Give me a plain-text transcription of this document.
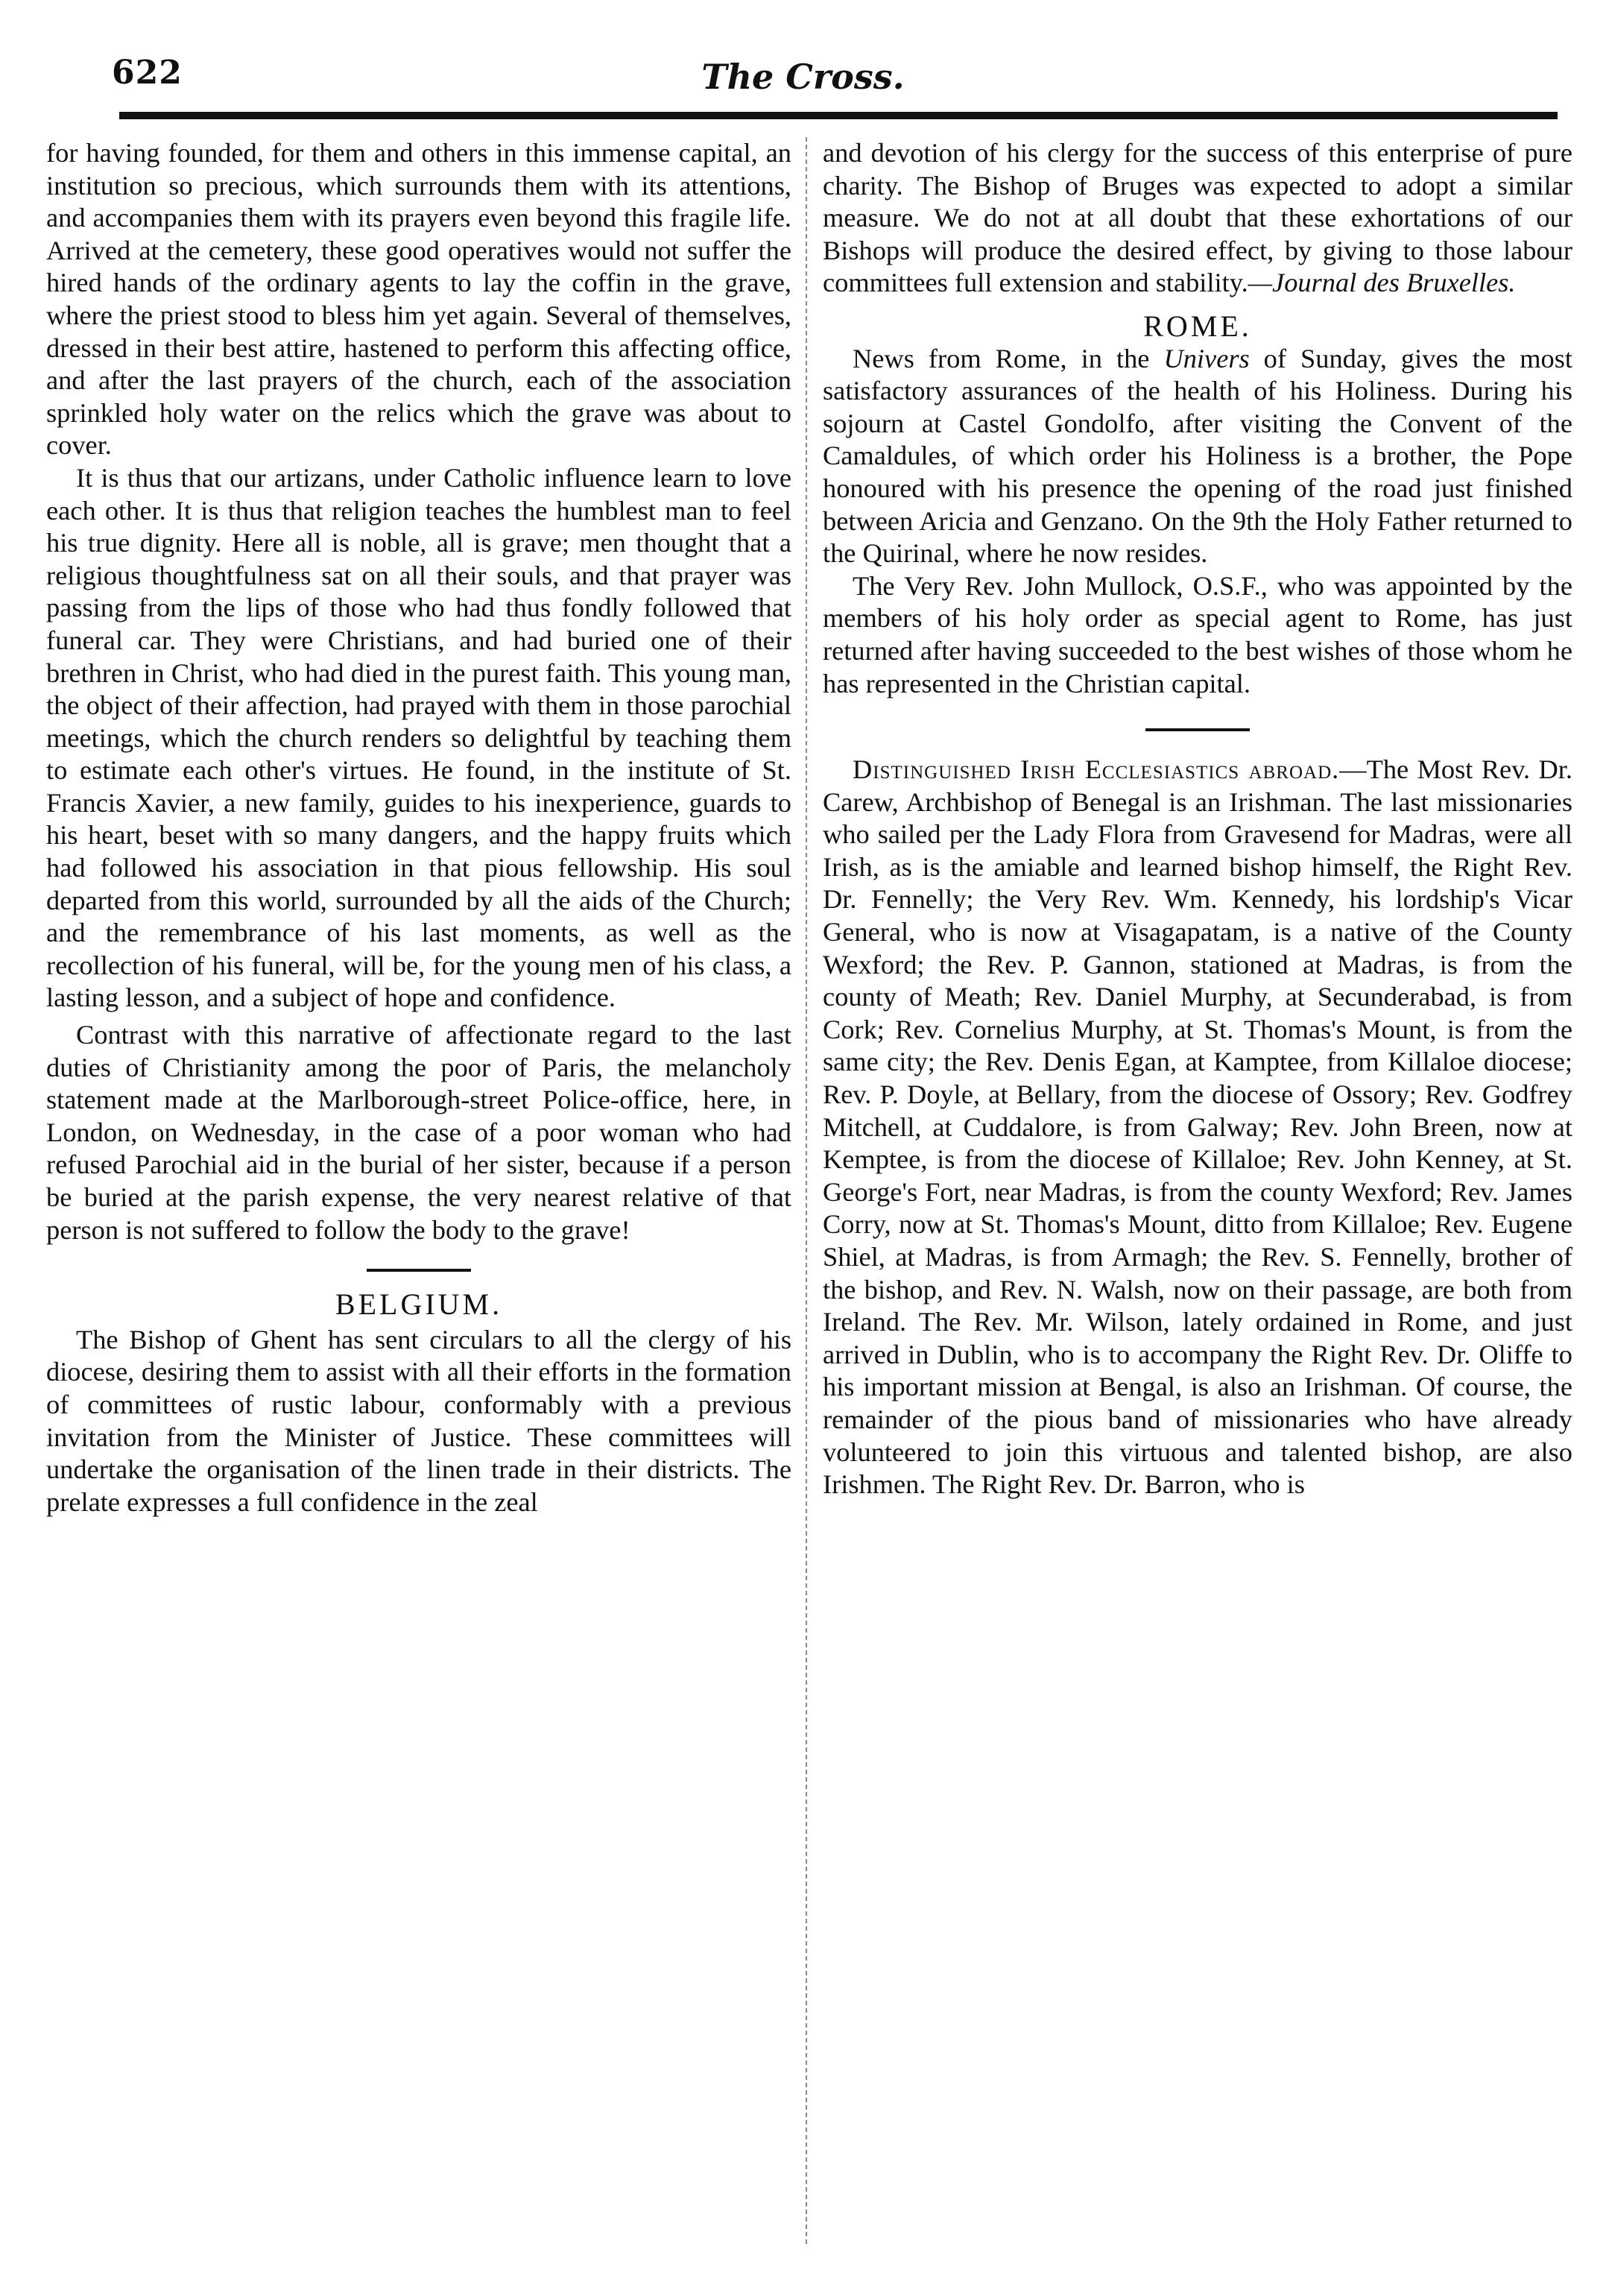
622	The Cross.

for having founded, for them and others in this immense capital, an institution so precious, which surrounds them with its attentions, and accompanies them with its prayers even beyond this fragile life. Arrived at the cemetery, these good operatives would not suffer the hired hands of the ordinary agents to lay the coffin in the grave, where the priest stood to bless him yet again. Several of themselves, dressed in their best attire, hastened to perform this affecting office, and after the last prayers of the church, each of the association sprinkled holy water on the relics which the grave was about to cover.

It is thus that our artizans, under Catholic influence learn to love each other. It is thus that religion teaches the humblest man to feel his true dignity. Here all is noble, all is grave; men thought that a religious thoughtfulness sat on all their souls, and that prayer was passing from the lips of those who had thus fondly followed that funeral car. They were Christians, and had buried one of their brethren in Christ, who had died in the purest faith. This young man, the object of their affection, had prayed with them in those parochial meetings, which the church renders so delightful by teaching them to estimate each other's virtues. He found, in the institute of St. Francis Xavier, a new family, guides to his inexperience, guards to his heart, beset with so many dangers, and the happy fruits which had followed his association in that pious fellowship. His soul departed from this world, surrounded by all the aids of the Church; and the remembrance of his last moments, as well as the recollection of his funeral, will be, for the young men of his class, a lasting lesson, and a subject of hope and confidence.

Contrast with this narrative of affectionate regard to the last duties of Christianity among the poor of Paris, the melancholy statement made at the Marlborough-street Police-office, here, in London, on Wednesday, in the case of a poor woman who had refused Parochial aid in the burial of her sister, because if a person be buried at the parish expense, the very nearest relative of that person is not suffered to follow the body to the grave!

BELGIUM.

The Bishop of Ghent has sent circulars to all the clergy of his diocese, desiring them to assist with all their efforts in the formation of committees of rustic labour, conformably with a previous invitation from the Minister of Justice. These committees will undertake the organisation of the linen trade in their districts. The prelate expresses a full confidence in the zeal

and devotion of his clergy for the success of this enterprise of pure charity. The Bishop of Bruges was expected to adopt a similar measure. We do not at all doubt that these exhortations of our Bishops will produce the desired effect, by giving to those labour committees full extension and stability.—Journal des Bruxelles.

ROME.

News from Rome, in the Univers of Sunday, gives the most satisfactory assurances of the health of his Holiness. During his sojourn at Castel Gondolfo, after visiting the Convent of the Camaldules, of which order his Holiness is a brother, the Pope honoured with his presence the opening of the road just finished between Aricia and Genzano. On the 9th the Holy Father returned to the Quirinal, where he now resides.

The Very Rev. John Mullock, O.S.F., who was appointed by the members of his holy order as special agent to Rome, has just returned after having succeeded to the best wishes of those whom he has represented in the Christian capital.

Distinguished Irish Ecclesiastics abroad.—The Most Rev. Dr. Carew, Archbishop of Benegal is an Irishman. The last missionaries who sailed per the Lady Flora from Gravesend for Madras, were all Irish, as is the amiable and learned bishop himself, the Right Rev. Dr. Fennelly; the Very Rev. Wm. Kennedy, his lordship's Vicar General, who is now at Visagapatam, is a native of the County Wexford; the Rev. P. Gannon, stationed at Madras, is from the county of Meath; Rev. Daniel Murphy, at Secunderabad, is from Cork; Rev. Cornelius Murphy, at St. Thomas's Mount, is from the same city; the Rev. Denis Egan, at Kamptee, from Killaloe diocese; Rev. P. Doyle, at Bellary, from the diocese of Ossory; Rev. Godfrey Mitchell, at Cuddalore, is from Galway; Rev. John Breen, now at Kemptee, is from the diocese of Killaloe; Rev. John Kenney, at St. George's Fort, near Madras, is from the county Wexford; Rev. James Corry, now at St. Thomas's Mount, ditto from Killaloe; Rev. Eugene Shiel, at Madras, is from Armagh; the Rev. S. Fennelly, brother of the bishop, and Rev. N. Walsh, now on their passage, are both from Ireland. The Rev. Mr. Wilson, lately ordained in Rome, and just arrived in Dublin, who is to accompany the Right Rev. Dr. Oliffe to his important mission at Bengal, is also an Irishman. Of course, the remainder of the pious band of missionaries who have already volunteered to join this virtuous and talented bishop, are also Irishmen. The Right Rev. Dr. Barron, who is
